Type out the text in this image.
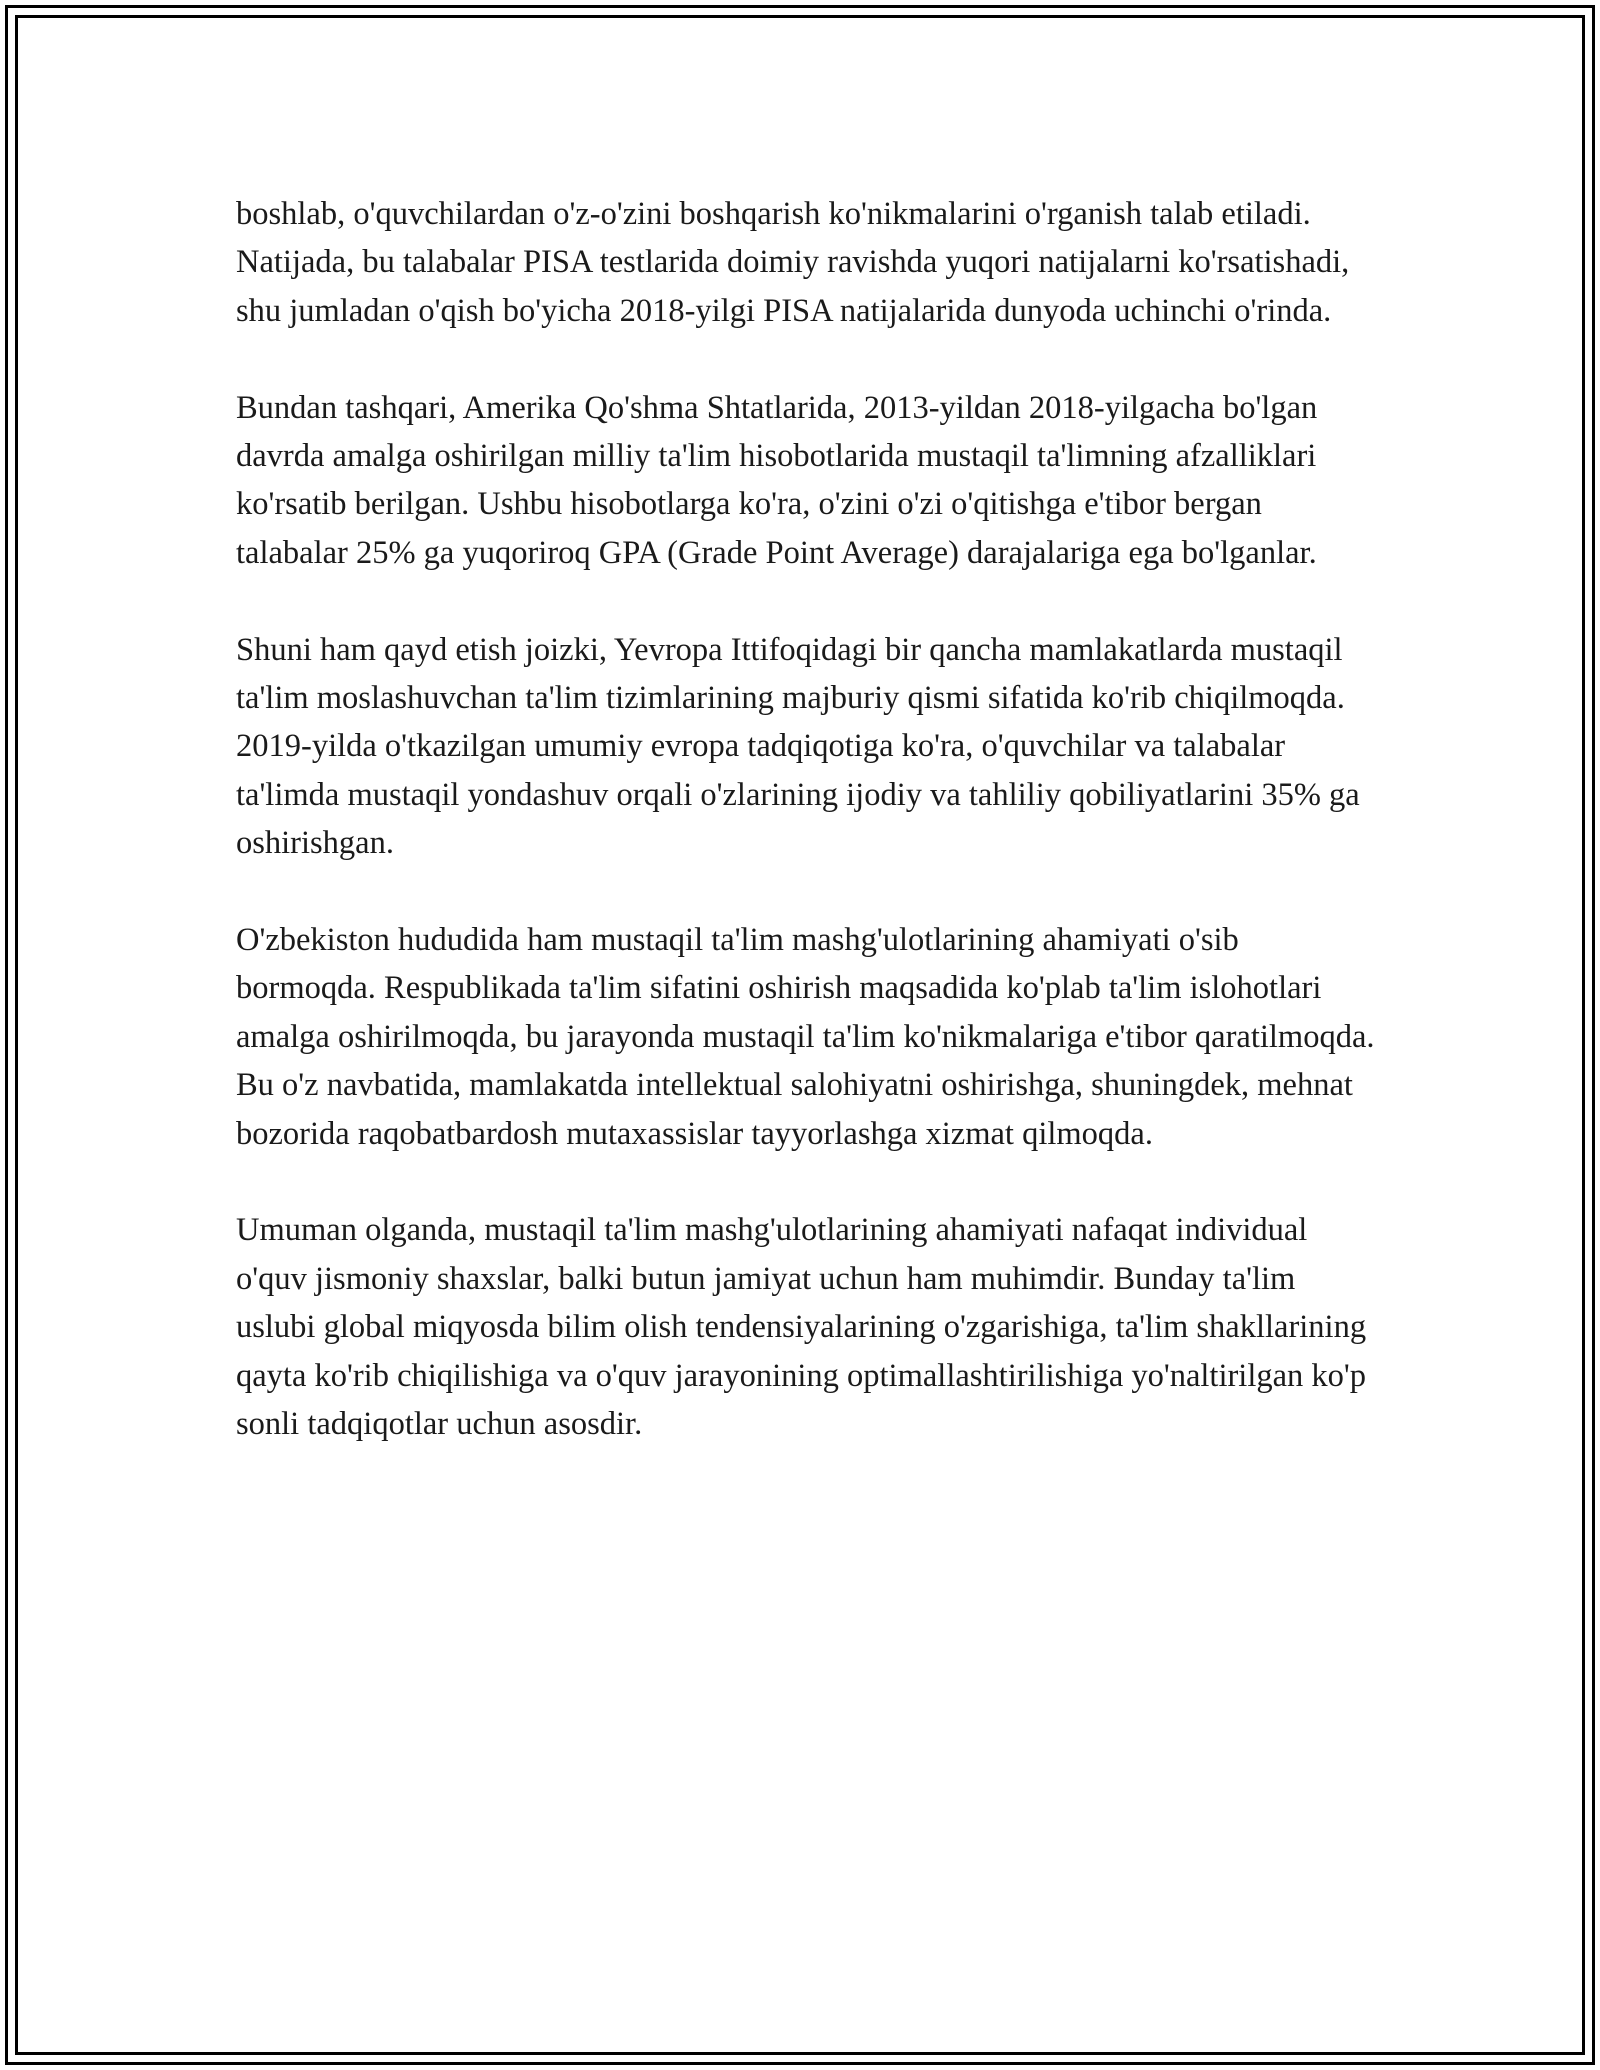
boshlab, o'quvchilardan o'z-o'zini boshqarish ko'nikmalarini o'rganish talab etiladi. Natijada, bu talabalar PISA testlarida doimiy ravishda yuqori natijalarni ko'rsatishadi, shu jumladan o'qish bo'yicha 2018-yilgi PISA natijalarida dunyoda uchinchi o'rinda.

Bundan tashqari, Amerika Qo'shma Shtatlarida, 2013-yildan 2018-yilgacha bo'lgan davrda amalga oshirilgan milliy ta'lim hisobotlarida mustaqil ta'limning afzalliklari ko'rsatib berilgan. Ushbu hisobotlarga ko'ra, o'zini o'zi o'qitishga e'tibor bergan talabalar 25% ga yuqoriroq GPA (Grade Point Average) darajalariga ega bo'lganlar.

Shuni ham qayd etish joizki, Yevropa Ittifoqidagi bir qancha mamlakatlarda mustaqil ta'lim moslashuvchan ta'lim tizimlarining majburiy qismi sifatida ko'rib chiqilmoqda. 2019-yilda o'tkazilgan umumiy evropa tadqiqotiga ko'ra, o'quvchilar va talabalar ta'limda mustaqil yondashuv orqali o'zlarining ijodiy va tahliliy qobiliyatlarini 35% ga oshirishgan.

O'zbekiston hududida ham mustaqil ta'lim mashg'ulotlarining ahamiyati o'sib bormoqda. Respublikada ta'lim sifatini oshirish maqsadida ko'plab ta'lim islohotlari amalga oshirilmoqda, bu jarayonda mustaqil ta'lim ko'nikmalariga e'tibor qaratilmoqda. Bu o'z navbatida, mamlakatda intellektual salohiyatni oshirishga, shuningdek, mehnat bozorida raqobatbardosh mutaxassislar tayyorlashga xizmat qilmoqda.

Umuman olganda, mustaqil ta'lim mashg'ulotlarining ahamiyati nafaqat individual o'quv jismoniy shaxslar, balki butun jamiyat uchun ham muhimdir. Bunday ta'lim uslubi global miqyosda bilim olish tendensiyalarining o'zgarishiga, ta'lim shakllarining qayta ko'rib chiqilishiga va o'quv jarayonining optimallashtirilishiga yo'naltirilgan ko'p sonli tadqiqotlar uchun asosdir.
